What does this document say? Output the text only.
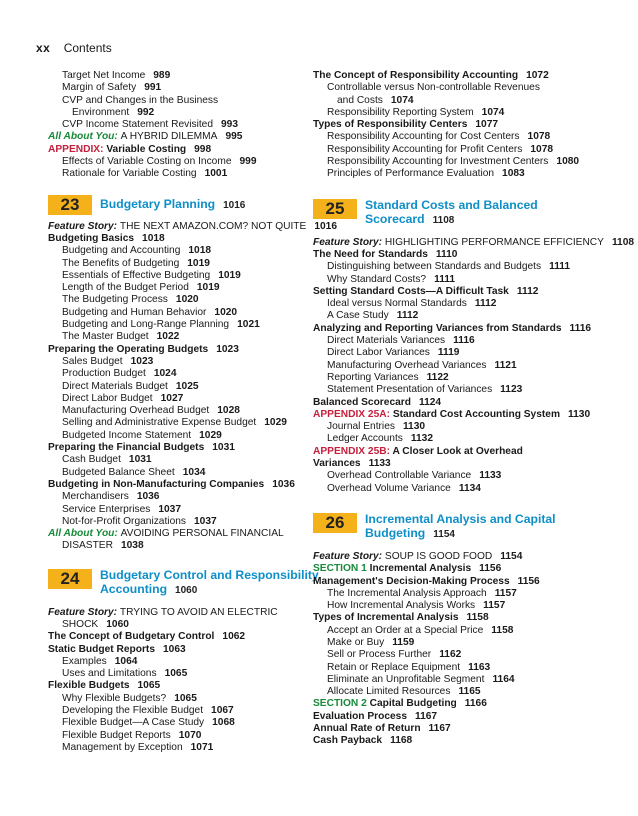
xx Contents
Target Net Income 989
Margin of Safety 991
CVP and Changes in the Business
Environment 992
CVP Income Statement Revisited 993
All About You: A HYBRID DILEMMA 995
APPENDIX: Variable Costing 998
Effects of Variable Costing on Income 999
Rationale for Variable Costing 1001
23	Budgetary Planning 1016
Feature Story: THE NEXT AMAZON.COM? NOT QUITE 1016
Budgeting Basics 1018
Budgeting and Accounting 1018
The Benefits of Budgeting 1019
Essentials of Effective Budgeting 1019
Length of the Budget Period 1019
The Budgeting Process 1020
Budgeting and Human Behavior 1020
Budgeting and Long-Range Planning 1021
The Master Budget 1022
Preparing the Operating Budgets 1023
Sales Budget 1023
Production Budget 1024
Direct Materials Budget 1025
Direct Labor Budget 1027
Manufacturing Overhead Budget 1028
Selling and Administrative Expense Budget 1029
Budgeted Income Statement 1029
Preparing the Financial Budgets 1031
Cash Budget 1031
Budgeted Balance Sheet 1034
Budgeting in Non-Manufacturing Companies 1036
Merchandisers 1036
Service Enterprises 1037
Not-for-Profit Organizations 1037
All About You: AVOIDING PERSONAL FINANCIAL
DISASTER 1038
24	Budgetary Control and Responsibility
Accounting 1060
Feature Story: TRYING TO AVOID AN ELECTRIC
SHOCK 1060
The Concept of Budgetary Control 1062
Static Budget Reports 1063
Examples 1064
Uses and Limitations 1065
Flexible Budgets 1065
Why Flexible Budgets? 1065
Developing the Flexible Budget 1067
Flexible Budget—A Case Study 1068
Flexible Budget Reports 1070
Management by Exception 1071
The Concept of Responsibility Accounting 1072
Controllable versus Non-controllable Revenues
and Costs 1074
Responsibility Reporting System 1074
Types of Responsibility Centers 1077
Responsibility Accounting for Cost Centers 1078
Responsibility Accounting for Profit Centers 1078
Responsibility Accounting for Investment Centers 1080
Principles of Performance Evaluation 1083
25	Standard Costs and Balanced
Scorecard 1108
Feature Story: HIGHLIGHTING PERFORMANCE EFFICIENCY 1108
The Need for Standards 1110
Distinguishing between Standards and Budgets 1111
Why Standard Costs? 1111
Setting Standard Costs—A Difficult Task 1112
Ideal versus Normal Standards 1112
A Case Study 1112
Analyzing and Reporting Variances from Standards 1116
Direct Materials Variances 1116
Direct Labor Variances 1119
Manufacturing Overhead Variances 1121
Reporting Variances 1122
Statement Presentation of Variances 1123
Balanced Scorecard 1124
APPENDIX 25A: Standard Cost Accounting System 1130
Journal Entries 1130
Ledger Accounts 1132
APPENDIX 25B: A Closer Look at Overhead
Variances 1133
Overhead Controllable Variance 1133
Overhead Volume Variance 1134
26	Incremental Analysis and Capital
Budgeting 1154
Feature Story: SOUP IS GOOD FOOD 1154
SECTION 1 Incremental Analysis 1156
Management's Decision-Making Process 1156
The Incremental Analysis Approach 1157
How Incremental Analysis Works 1157
Types of Incremental Analysis 1158
Accept an Order at a Special Price 1158
Make or Buy 1159
Sell or Process Further 1162
Retain or Replace Equipment 1163
Eliminate an Unprofitable Segment 1164
Allocate Limited Resources 1165
SECTION 2 Capital Budgeting 1166
Evaluation Process 1167
Annual Rate of Return 1167
Cash Payback 1168
